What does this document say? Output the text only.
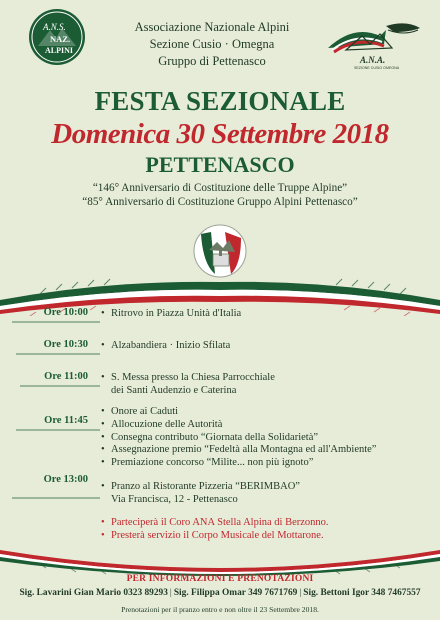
A.N.S.
NAZ.
ALPINI
Associazione Nazionale Alpini
Sezione Cusio · Omegna
Gruppo di Pettenasco	A.N.A.
SEZIONE CUSIO OMEGNA
FESTA SEZIONALE
Domenica 30 Settembre 2018
PETTENASCO
“146° Anniversario di Costituzione delle Truppe Alpine”
“85° Anniversario di Costituzione Gruppo Alpini Pettenasco”
Ore 10:00
Ore 10:30
Ore 11:00
Ore 11:45
Ore 13:00
• Ritrovo in Piazza Unità d'Italia
• Alzabandiera · Inizio Sfilata
• S. Messa presso la Chiesa Parrocchiale
dei Santi Audenzio e Caterina
• Onore ai Caduti
• Allocuzione delle Autorità
• Consegna contributo “Giornata della Solidarietà”
• Assegnazione premio “Fedeltà alla Montagna ed all'Ambiente”
• Premiazione concorso “Milite... non più ignoto”
• Pranzo al Ristorante Pizzeria “BERIMBAO”
Via Francisca, 12 - Pettenasco
• Parteciperà il Coro ANA Stella Alpina di Berzonno.
• Presterà servizio il Corpo Musicale del Mottarone.
PER INFORMAZIONI E PRENOTAZIONI
Sig. Lavarini Gian Mario 0323 89293 | Sig. Filippa Omar 349 7671769 | Sig. Bettoni Igor 348 7467557
Prenotazioni per il pranzo entro e non oltre il 23 Settembre 2018.
